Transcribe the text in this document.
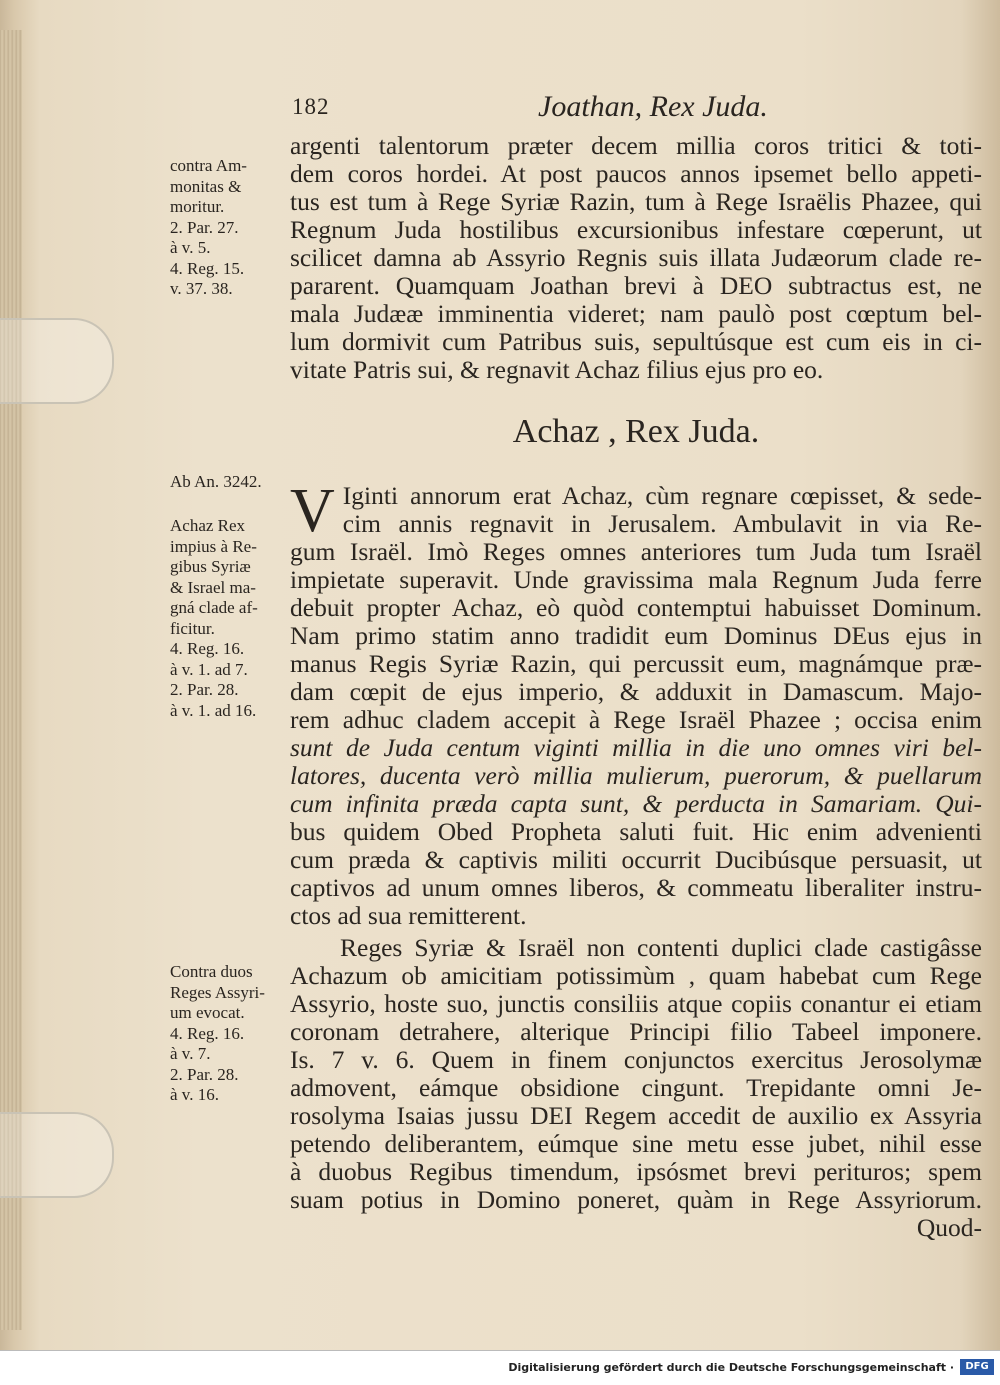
182	Joathan, Rex Juda.
contra Am-
monitas &
moritur.
2. Par. 27.
à v. 5.
4. Reg. 15.
v. 37. 38.
Ab An. 3242.
Achaz Rex
impius à Re-
gibus Syriæ
& Israel ma-
gná clade af-
ficitur.
4. Reg. 16.
à v. 1. ad 7.
2. Par. 28.
à v. 1. ad 16.
Contra duos
Reges Assyri-
um evocat.
4. Reg. 16.
à v. 7.
2. Par. 28.
à v. 16.
argenti talentorum præter decem millia coros tritici & toti-
dem coros hordei. At post paucos annos ipsemet bello appeti-
tus est tum à Rege Syriæ Razin, tum à Rege Israëlis Phazee, qui
Regnum Juda hostilibus excursionibus infestare cœperunt, ut
scilicet damna ab Assyrio Regnis suis illata Judæorum clade re-
pararent. Quamquam Joathan brevi à DEO subtractus est, ne
mala Judææ imminentia videret; nam paulò post cœptum bel-
lum dormivit cum Patribus suis, sepultúsque est cum eis in ci-
vitate Patris sui, & regnavit Achaz filius ejus pro eo.
Achaz , Rex Juda.
V Iginti annorum erat Achaz, cùm regnare cœpisset, & sede-
cim annis regnavit in Jerusalem. Ambulavit in via Re-
gum Israël. Imò Reges omnes anteriores tum Juda tum Israël
impietate superavit. Unde gravissima mala Regnum Juda ferre
debuit propter Achaz, eò quòd contemptui habuisset Dominum.
Nam primo statim anno tradidit eum Dominus DEus ejus in
manus Regis Syriæ Razin, qui percussit eum, magnámque præ-
dam cœpit de ejus imperio, & adduxit in Damascum. Majo-
rem adhuc cladem accepit à Rege Israël Phazee ; occisa enim
sunt de Juda centum viginti millia in die uno omnes viri bel-
latores, ducenta verò millia mulierum, puerorum, & puellarum
cum infinita præda capta sunt, & perducta in Samariam. Qui-
bus quidem Obed Propheta saluti fuit. Hic enim advenienti
cum præda & captivis militi occurrit Ducibúsque persuasit, ut
captivos ad unum omnes liberos, & commeatu liberaliter instru-
ctos ad sua remitterent.
Reges Syriæ & Israël non contenti duplici clade castigâsse
Achazum ob amicitiam potissimùm , quam habebat cum Rege
Assyrio, hoste suo, junctis consiliis atque copiis conantur ei etiam
coronam detrahere, alterique Principi filio Tabeel imponere.
Is. 7 v. 6. Quem in finem conjunctos exercitus Jerosolymæ
admovent, eámque obsidione cingunt. Trepidante omni Je-
rosolyma Isaias jussu DEI Regem accedit de auxilio ex Assyria
petendo deliberantem, eúmque sine metu esse jubet, nihil esse
à duobus Regibus timendum, ipsósmet brevi perituros; spem
suam potius in Domino poneret, quàm in Rege Assyriorum.
Quod-
Digitalisierung gefördert durch die Deutsche Forschungsgemeinschaft ·	DFG
